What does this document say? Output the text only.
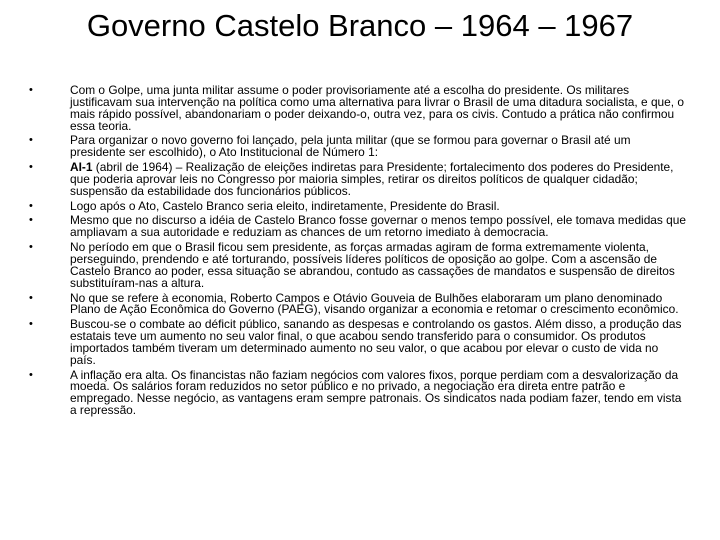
Governo Castelo Branco – 1964 – 1967
•	Com o Golpe, uma junta militar assume o poder provisoriamente até a escolha do presidente. Os militares justificavam sua intervenção na política como uma alternativa para livrar o Brasil de uma ditadura socialista, e que, o mais rápido possível, abandonariam o poder deixando-o, outra vez, para os civis. Contudo a prática não confirmou essa teoria.
•	Para organizar o novo governo foi lançado, pela junta militar (que se formou para governar o Brasil até um presidente ser escolhido), o Ato Institucional de Número 1:
•	AI-1 (abril de 1964) – Realização de eleições indiretas para Presidente; fortalecimento dos poderes do Presidente, que poderia aprovar leis no Congresso por maioria simples, retirar os direitos políticos de qualquer cidadão; suspensão da estabilidade dos funcionários públicos.
•	Logo após o Ato, Castelo Branco seria eleito, indiretamente, Presidente do Brasil.
•	Mesmo que no discurso a idéia de Castelo Branco fosse governar o menos tempo possível, ele tomava medidas que ampliavam a sua autoridade e reduziam as chances de um retorno imediato à democracia.
•	No período em que o Brasil ficou sem presidente, as forças armadas agiram de forma extremamente violenta, perseguindo, prendendo e até torturando, possíveis líderes políticos de oposição ao golpe. Com a ascensão de Castelo Branco ao poder, essa situação se abrandou, contudo as cassações de mandatos e suspensão de direitos substituíram-nas a altura.
•	No que se refere à economia, Roberto Campos e Otávio Gouveia de Bulhões elaboraram um plano denominado Plano de Ação Econômica do Governo (PAEG), visando organizar a economia e retomar o crescimento econômico.
•	Buscou-se o combate ao déficit público, sanando as despesas e controlando os gastos. Além disso, a produção das estatais teve um aumento no seu valor final, o que acabou sendo transferido para o consumidor. Os produtos importados também tiveram um determinado aumento no seu valor, o que acabou por elevar o custo de vida no país.
•	A inflação era alta. Os financistas não faziam negócios com valores fixos, porque perdiam com a desvalorização da moeda. Os salários foram reduzidos no setor público e no privado, a negociação era direta entre patrão e empregado. Nesse negócio, as vantagens eram sempre patronais. Os sindicatos nada podiam fazer, tendo em vista a repressão.
